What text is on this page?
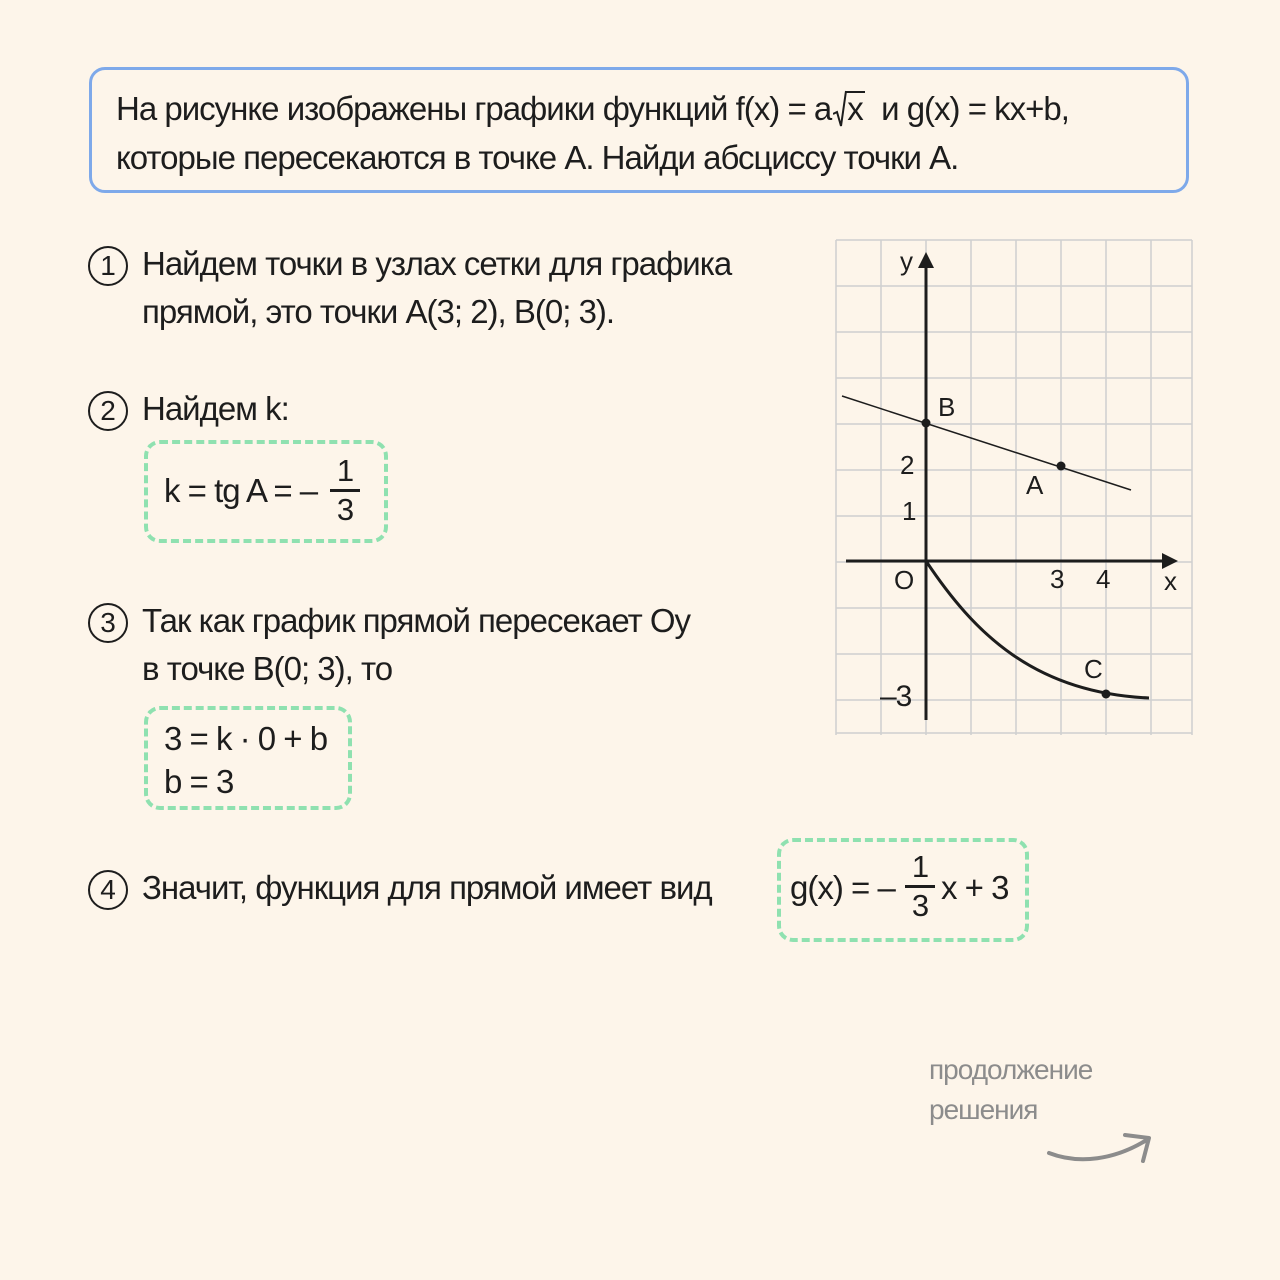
На рисунке изображены графики функций f(x) = a x и g(x) = kx+b,
которые пересекаются в точке A. Найди абсциссу точки A.
1 Найдем точки в узлах сетки для графика
прямой, это точки A(3; 2), B(0; 3).
2 Найдем k:
k = tg A = –
1
3
3 Так как график прямой пересекает Oy
в точке B(0; 3), то
3 = k · 0 + b
b = 3
4 Значит, функция для прямой имеет вид g(x) = –
1
3 x + 3
y
x
O
B
A
C
2
1
–3
3 4
продолжение
решения
